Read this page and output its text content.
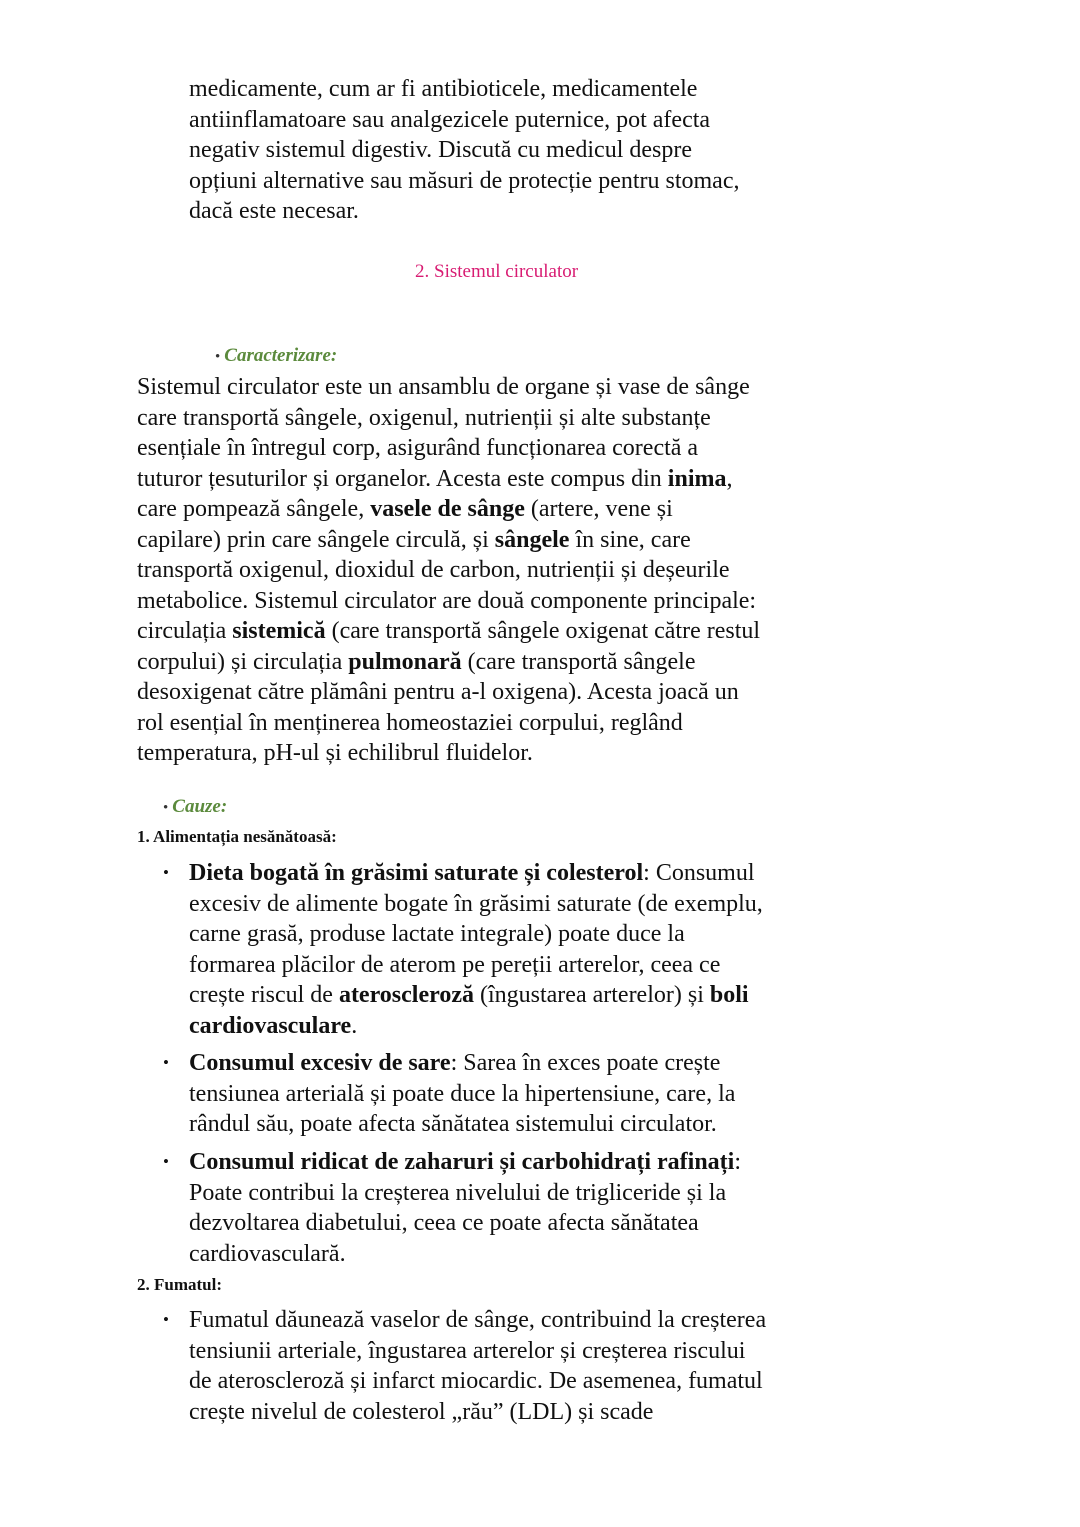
medicamente, cum ar fi antibioticele, medicamentele
antiinflamatoare sau analgezicele puternice, pot afecta
negativ sistemul digestiv. Discută cu medicul despre
opțiuni alternative sau măsuri de protecție pentru stomac,
dacă este necesar.
2. Sistemul circulator
• Caracterizare:
Sistemul circulator este un ansamblu de organe și vase de sânge
care transportă sângele, oxigenul, nutrienții și alte substanțe
esențiale în întregul corp, asigurând funcționarea corectă a
tuturor țesuturilor și organelor. Acesta este compus din inima,
care pompează sângele, vasele de sânge (artere, vene și
capilare) prin care sângele circulă, și sângele în sine, care
transportă oxigenul, dioxidul de carbon, nutrienții și deșeurile
metabolice. Sistemul circulator are două componente principale:
circulația sistemică (care transportă sângele oxigenat către restul
corpului) și circulația pulmonară (care transportă sângele
desoxigenat către plămâni pentru a-l oxigena). Acesta joacă un
rol esențial în menținerea homeostaziei corpului, reglând
temperatura, pH-ul și echilibrul fluidelor.
• Cauze:
1. Alimentația nesănătoasă:
• Dieta bogată în grăsimi saturate și colesterol: Consumul
excesiv de alimente bogate în grăsimi saturate (de exemplu,
carne grasă, produse lactate integrale) poate duce la
formarea plăcilor de aterom pe pereții arterelor, ceea ce
crește riscul de ateroscleroză (îngustarea arterelor) și boli
cardiovasculare.
• Consumul excesiv de sare: Sarea în exces poate crește
tensiunea arterială și poate duce la hipertensiune, care, la
rândul său, poate afecta sănătatea sistemului circulator.
• Consumul ridicat de zaharuri și carbohidrați rafinați:
Poate contribui la creșterea nivelului de trigliceride și la
dezvoltarea diabetului, ceea ce poate afecta sănătatea
cardiovasculară.
2. Fumatul:
• Fumatul dăunează vaselor de sânge, contribuind la creșterea
tensiunii arteriale, îngustarea arterelor și creșterea riscului
de ateroscleroză și infarct miocardic. De asemenea, fumatul
crește nivelul de colesterol „rău” (LDL) și scade
